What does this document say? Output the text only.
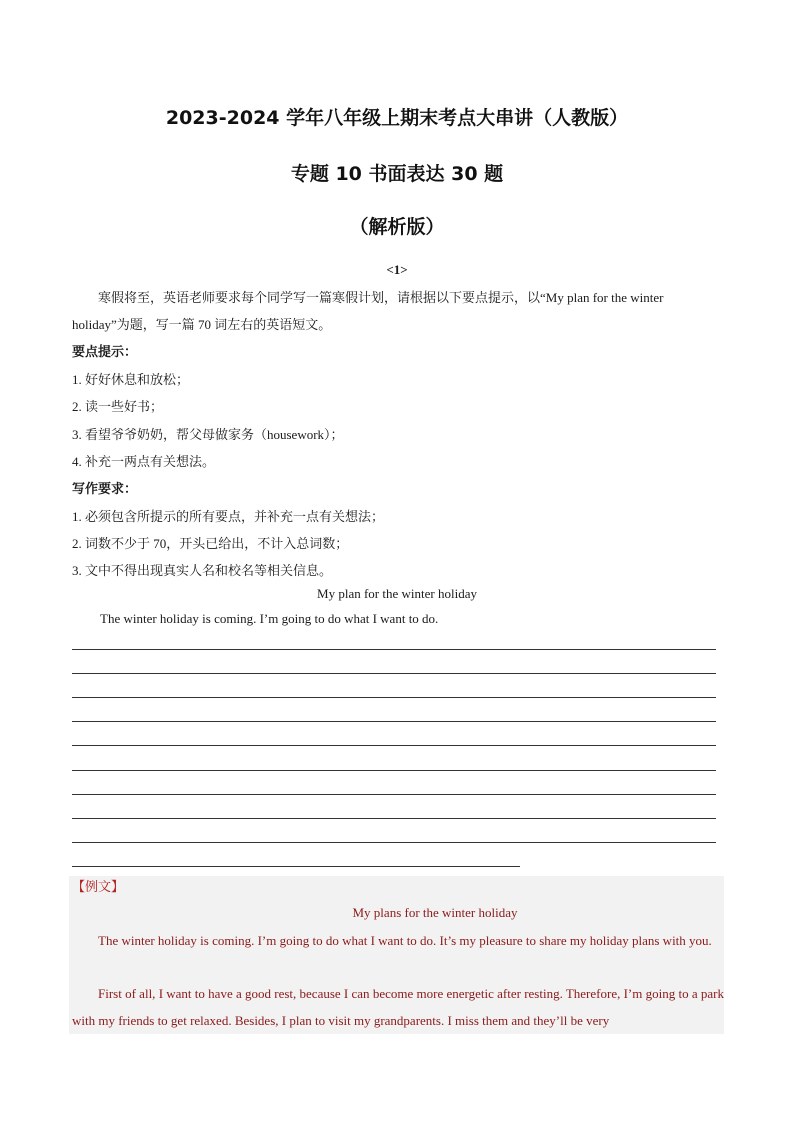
2023-2024 学年八年级上期末考点大串讲（人教版）
专题 10 书面表达 30 题
（解析版）
<1>
寒假将至，英语老师要求每个同学写一篇寒假计划，请根据以下要点提示，以“My plan for the winter holiday”为题，写一篇 70 词左右的英语短文。
要点提示：
1. 好好休息和放松；
2. 读一些好书；
3. 看望爷爷奶奶，帮父母做家务（housework）；
4. 补充一两点有关想法。
写作要求：
1. 必须包含所提示的所有要点，并补充一点有关想法；
2. 词数不少于 70，开头已给出，不计入总词数；
3. 文中不得出现真实人名和校名等相关信息。
My plan for the winter holiday
The winter holiday is coming. I’m going to do what I want to do.
【例文】
My plans for the winter holiday
The winter holiday is coming. I’m going to do what I want to do. It’s my pleasure to share my holiday plans with you.
First of all, I want to have a good rest, because I can become more energetic after resting. Therefore, I’m going to a park with my friends to get relaxed. Besides, I plan to visit my grandparents. I miss them and they’ll be very
